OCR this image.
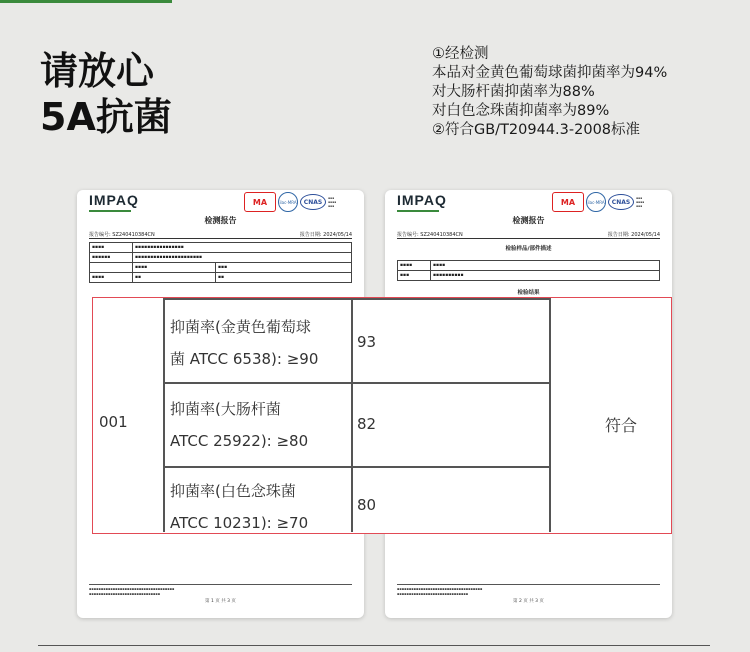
请放心
5A抗菌
①经检测
本品对金黄色葡萄球菌抑菌率为94%
对大肠杆菌抑菌率为88%
对白色念珠菌抑菌率为89%
②符合GB/T20944.3-2008标准
IMPAQ	MA	ilac-MRA	CNAS
▪▪▪
▪▪▪▪
▪▪▪
检测报告
报告编号: SZ240410384CN	报告日期: 2024/05/14
▪▪▪▪	▪▪▪▪▪▪▪▪▪▪▪▪▪▪▪▪
▪▪▪▪▪▪	▪▪▪▪▪▪▪▪▪▪▪▪▪▪▪▪▪▪▪▪▪▪
▪▪▪▪	▪▪▪
▪▪▪▪	▪▪	▪▪
▪▪▪▪▪▪▪▪▪▪▪▪▪▪▪▪▪▪▪▪▪▪▪▪▪▪▪▪▪▪▪▪▪▪▪▪
▪▪▪▪▪▪▪▪▪▪▪▪▪▪▪▪▪▪▪▪▪▪▪▪▪▪▪▪▪▪
第 1 页 共 3 页
IMPAQ	MA	ilac-MRA	CNAS
▪▪▪
▪▪▪▪
▪▪▪
检测报告
报告编号: SZ240410384CN	报告日期: 2024/05/14
检验样品/部件描述
▪▪▪▪	▪▪▪▪
▪▪▪	▪▪▪▪▪▪▪▪▪▪
检验结果
▪▪▪▪▪▪▪▪▪▪▪▪▪▪▪▪▪▪▪▪▪▪▪▪▪▪▪▪▪▪▪▪▪▪▪▪
▪▪▪▪▪▪▪▪▪▪▪▪▪▪▪▪▪▪▪▪▪▪▪▪▪▪▪▪▪▪
第 2 页 共 3 页
001	符合
抑菌率(金黄色葡萄球
菌 ATCC 6538): ≥90
93
抑菌率(大肠杆菌
ATCC 25922): ≥80
82
抑菌率(白色念珠菌
ATCC 10231): ≥70
80
